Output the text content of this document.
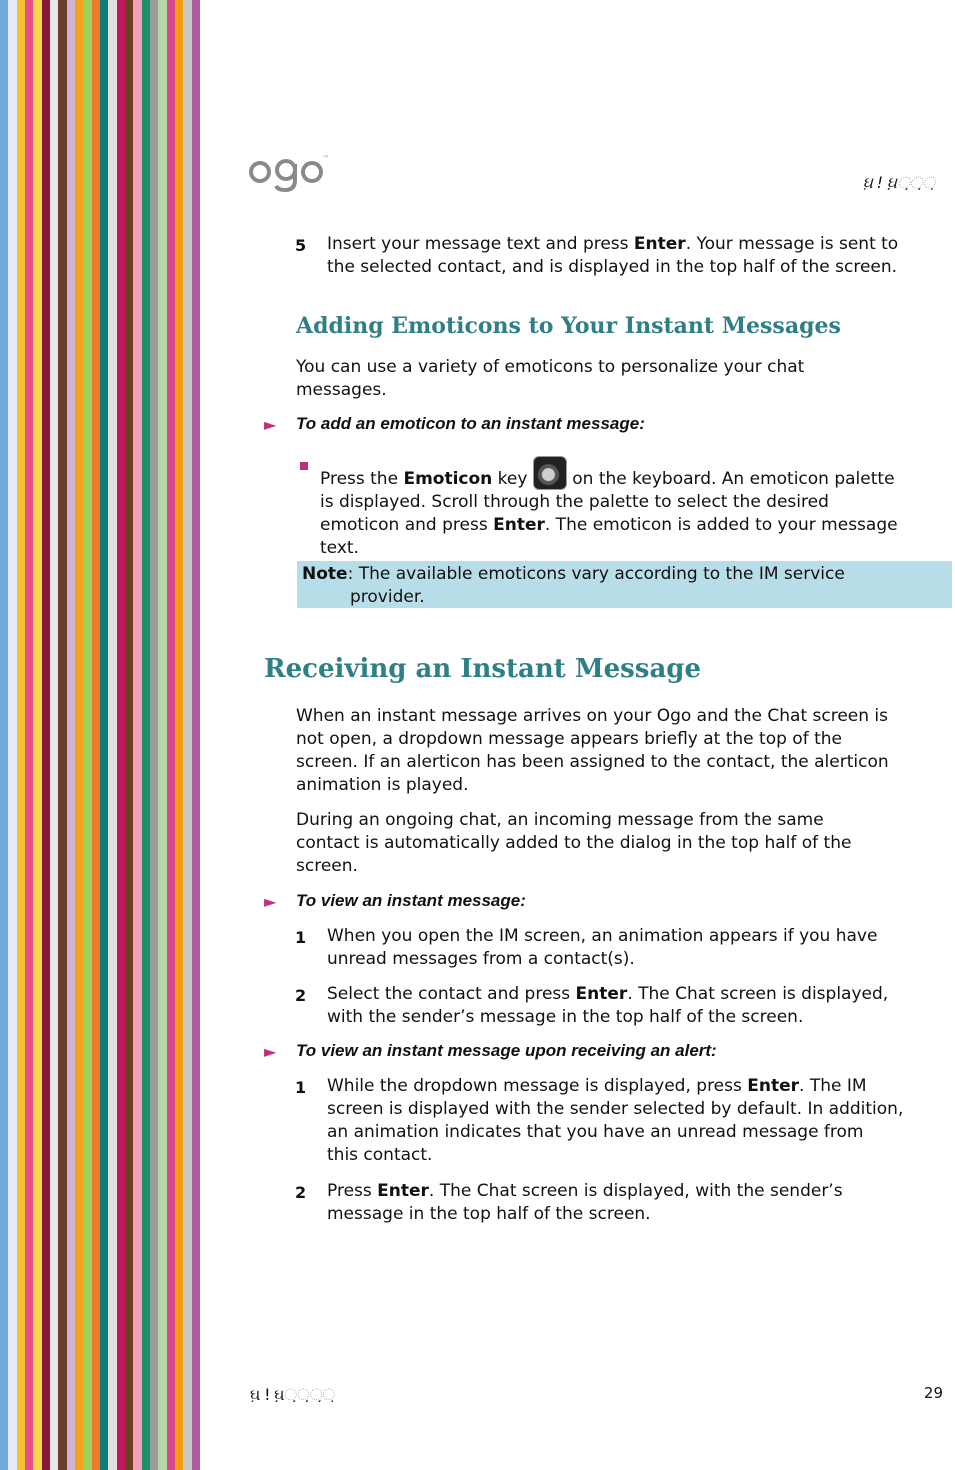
™
ઘ઼!ઘ઼઼઼઼઼઼઼
5 Insert your message text and press Enter. Your message is sent to
the selected contact, and is displayed in the top half of the screen.
Adding Emoticons to Your Instant Messages
You can use a variety of emoticons to personalize your chat
messages.
► To add an emoticon to an instant message:
Press the Emoticon key  on the keyboard. An emoticon palette
is displayed. Scroll through the palette to select the desired
emoticon and press Enter. The emoticon is added to your message
text.
Note: The available emoticons vary according to the IM service
provider.
Receiving an Instant Message
When an instant message arrives on your Ogo and the Chat screen is
not open, a dropdown message appears briefly at the top of the
screen. If an alerticon has been assigned to the contact, the alerticon
animation is played.
During an ongoing chat, an incoming message from the same
contact is automatically added to the dialog in the top half of the
screen.
► To view an instant message:
1 When you open the IM screen, an animation appears if you have
unread messages from a contact(s).
2 Select the contact and press Enter. The Chat screen is displayed,
with the sender’s message in the top half of the screen.
► To view an instant message upon receiving an alert:
1 While the dropdown message is displayed, press Enter. The IM
screen is displayed with the sender selected by default. In addition,
an animation indicates that you have an unread message from
this contact.
2 Press Enter. The Chat screen is displayed, with the sender’s
message in the top half of the screen.
ઘ઼!ઘ઼઼઼઼઼઼઼઼઼	29
